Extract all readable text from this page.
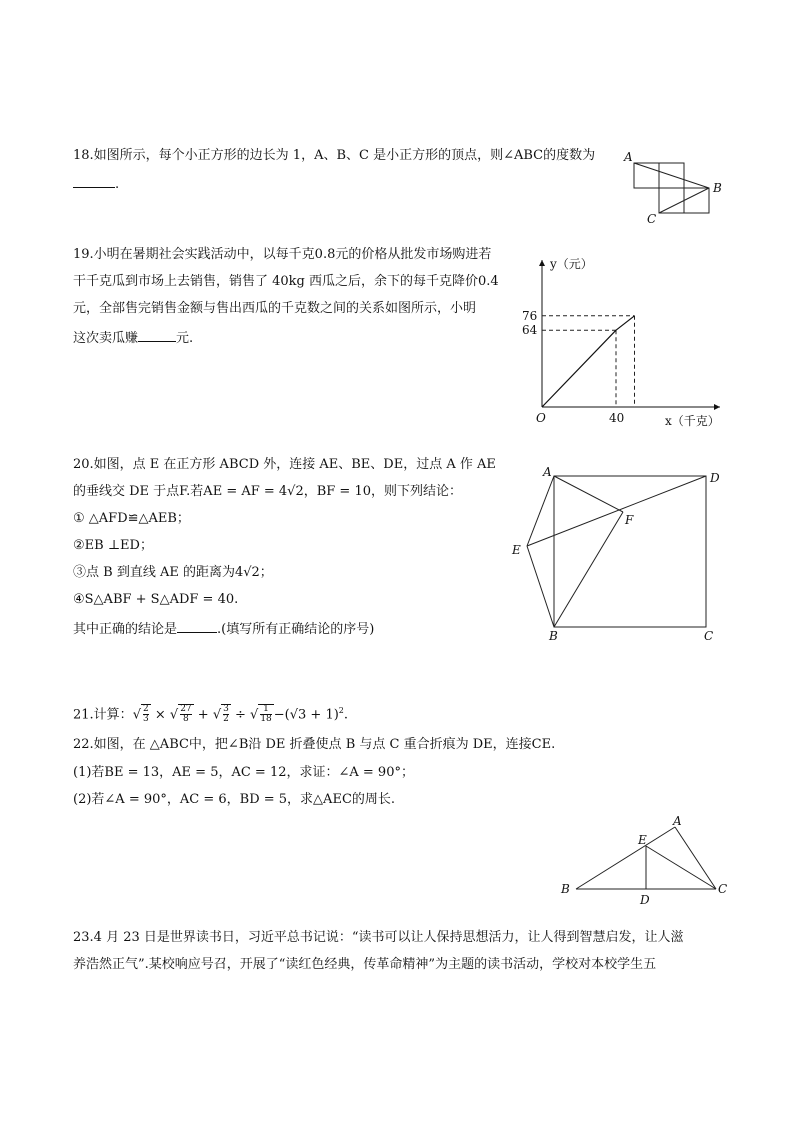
18.如图所示，每个小正方形的边长为 1，A、B、C 是小正方形的顶点，则∠ABC的度数为
.
A
B
C
19.小明在暑期社会实践活动中，以每千克0.8元的价格从批发市场购进若
干千克瓜到市场上去销售，销售了 40kg 西瓜之后，余下的每千克降价0.4
元，全部售完销售金额与售出西瓜的千克数之间的关系如图所示，小明
这次卖瓜赚	元.
y（元）
x（千克）
O
76
64
40
20.如图，点 E 在正方形 ABCD 外，连接 AE、BE、DE，过点 A 作 AE
的垂线交 DE 于点F.若AE = AF = 4√2，BF = 10，则下列结论：
① △AFD≌△AEB；
②EB ⊥ED；
③点 B 到直线 AE 的距离为4√2；
④S△ABF + S△ADF = 40.
其中正确的结论是	.(填写所有正确结论的序号)
A	D
F
E
B	C
21.计算：√ $\frac{2}{3}$ × √ $\frac{27}{8}$ + √ $\frac{3}{2}$ ÷ √ $\frac{1}{18} -(√3 + 1)^2$.
22.如图，在 △ABC中，把∠B沿 DE 折叠使点 B 与点 C 重合折痕为 DE，连接CE.
(1)若BE = 13，AE = 5，AC = 12，求证：∠A = 90°；
(2)若∠A = 90°，AC = 6，BD = 5，求△AEC的周长.
A
E
B
D
C
23.4 月 23 日是世界读书日，习近平总书记说：“读书可以让人保持思想活力，让人得到智慧启发，让人滋
养浩然正气”.某校响应号召，开展了“读红色经典，传革命精神”为主题的读书活动，学校对本校学生五
